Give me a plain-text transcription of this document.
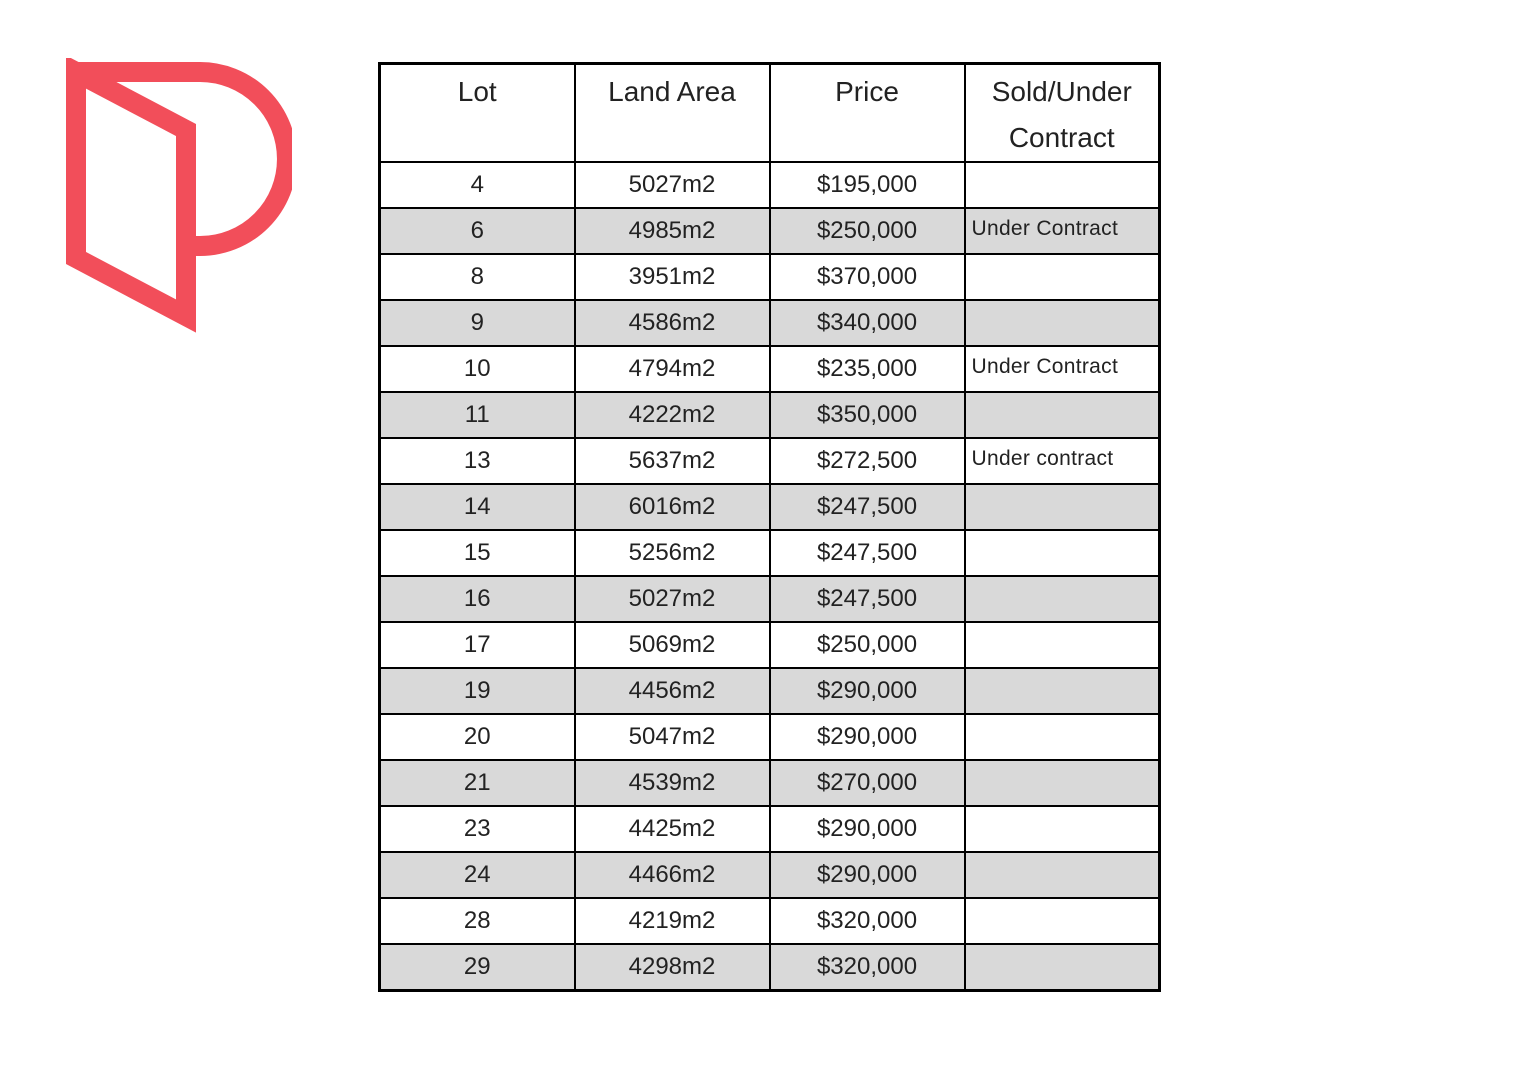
Lot	Land Area	Price	Sold/Under Contract
4	5027m2	$195,000	
6	4985m2	$250,000	Under Contract
8	3951m2	$370,000	
9	4586m2	$340,000	
10	4794m2	$235,000	Under Contract
11	4222m2	$350,000	
13	5637m2	$272,500	Under contract
14	6016m2	$247,500	
15	5256m2	$247,500	
16	5027m2	$247,500	
17	5069m2	$250,000	
19	4456m2	$290,000	
20	5047m2	$290,000	
21	4539m2	$270,000	
23	4425m2	$290,000	
24	4466m2	$290,000	
28	4219m2	$320,000	
29	4298m2	$320,000	
